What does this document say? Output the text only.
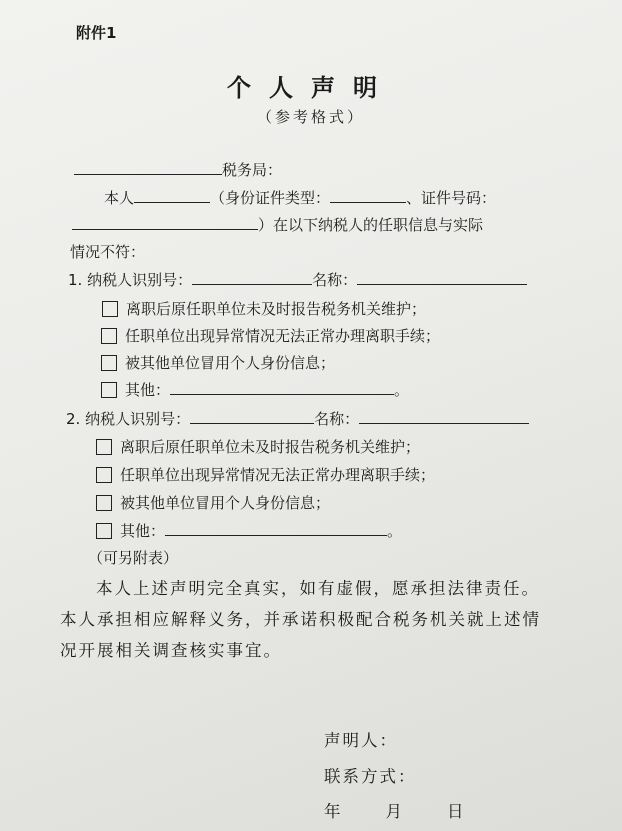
附件1
个人声明
（参考格式）
税务局：
本人	（身份证件类型：	、证件号码：
）在以下纳税人的任职信息与实际
情况不符：
1. 纳税人识别号：	名称：
离职后原任职单位未及时报告税务机关维护；
任职单位出现异常情况无法正常办理离职手续；
被其他单位冒用个人身份信息；
其他：	。
2. 纳税人识别号：	名称：
离职后原任职单位未及时报告税务机关维护；
任职单位出现异常情况无法正常办理离职手续；
被其他单位冒用个人身份信息；
其他：	。
（可另附表）
本人上述声明完全真实，如有虚假，愿承担法律责任。
本人承担相应解释义务，并承诺积极配合税务机关就上述情
况开展相关调查核实事宜。
声明人：
联系方式：
年　　月　　日
